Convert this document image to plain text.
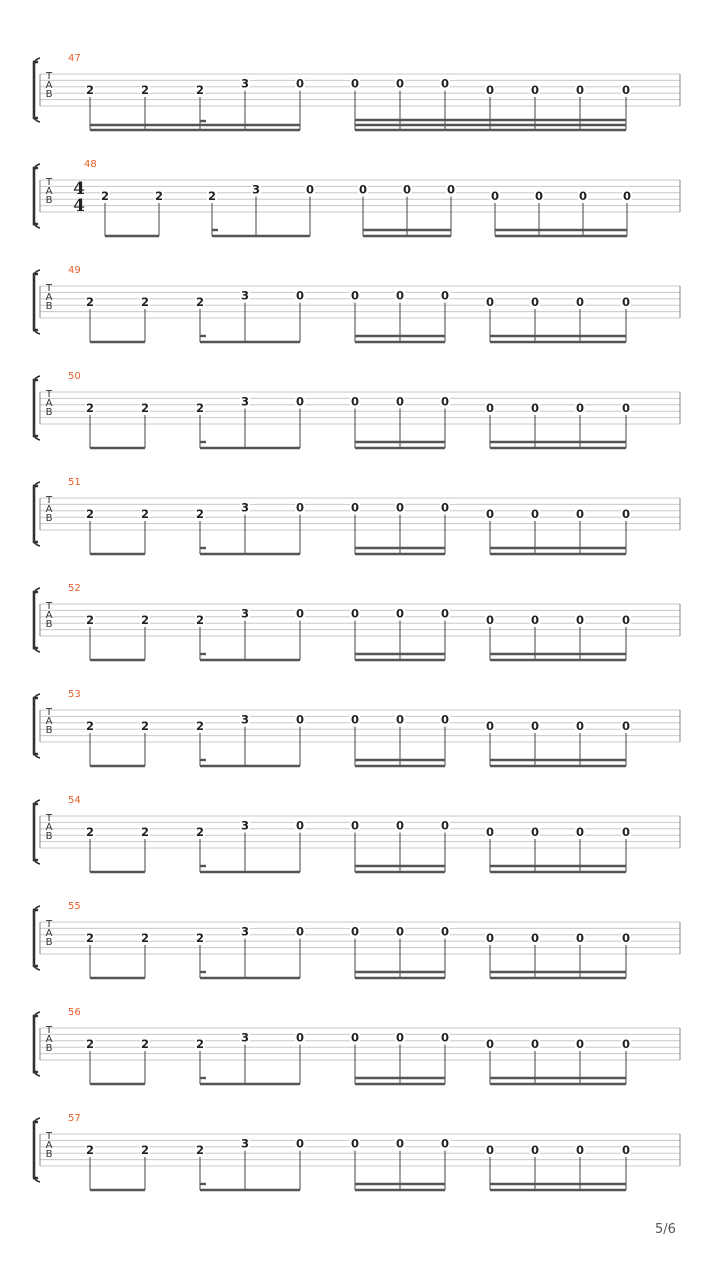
T
A
B
47
2	2	2	3	0	0	0	0	0	0	0	0
T
A
B
48
4
4 2	2	2	3	0	0	0	0	0	0	0	0
T
A
B
49
2	2	2	3	0	0	0	0	0	0	0	0
T
A
B
50
2	2	2	3	0	0	0	0	0	0	0	0
T
A
B
51
2	2	2	3	0	0	0	0	0	0	0	0
T
A
B
52
2	2	2	3	0	0	0	0	0	0	0	0
T
A
B
53
2	2	2	3	0	0	0	0	0	0	0	0
T
A
B
54
2	2	2	3	0	0	0	0	0	0	0	0
T
A
B
55
2	2	2	3	0	0	0	0	0	0	0	0
T
A
B
56
2	2	2	3	0	0	0	0	0	0	0	0
T
A
B
57
2	2	2	3	0	0	0	0	0	0	0	0
5/6
